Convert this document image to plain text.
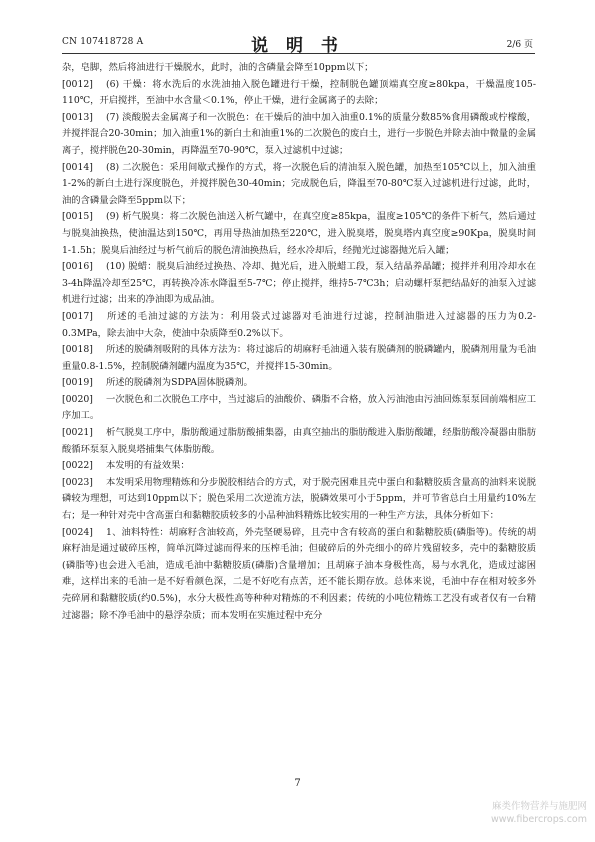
CN 107418728 A	说 明 书	2/6 页

杂，皂脚，然后将油进行干燥脱水，此时，油的含磷量会降至10ppm以下；

[0012] (6) 干燥：将水洗后的水洗油抽入脱色罐进行干燥，控制脱色罐顶端真空度≥80kpa，干燥温度105-110℃，开启搅拌，至油中水含量＜0.1%，停止干燥，进行金属离子的去除；

[0013] (7) 淡酸脱去金属离子和一次脱色：在干燥后的油中加入油重0.1%的质量分数85%食用磷酸或柠檬酸，并搅拌混合20-30min；加入油重1%的新白土和油重1%的二次脱色的废白土，进行一步脱色并除去油中微量的金属离子，搅拌脱色20-30min，再降温至70-90℃，泵入过滤机中过滤；

[0014] (8) 二次脱色：采用间歇式操作的方式，将一次脱色后的清油泵入脱色罐，加热至105℃以上，加入油重1-2%的新白土进行深度脱色，并搅拌脱色30-40min；完成脱色后，降温至70-80℃泵入过滤机进行过滤，此时，油的含磷量会降至5ppm以下；

[0015] (9) 析气脱臭：将二次脱色油送入析气罐中，在真空度≥85kpa，温度≥105℃的条件下析气，然后通过与脱臭油换热，使油温达到150℃，再用导热油加热至220℃，进入脱臭塔，脱臭塔内真空度≥90Kpa，脱臭时间1-1.5h；脱臭后油经过与析气前后的脱色清油换热后，经水冷却后，经抛光过滤器抛光后入罐；

[0016] (10) 脱蜡：脱臭后油经过换热、冷却、抛光后，进入脱蜡工段，泵入结晶养晶罐；搅拌并利用冷却水在3-4h降温冷却至25℃，再转换冷冻水降温至5-7℃；停止搅拌，维持5-7℃3h；启动螺杆泵把结晶好的油泵入过滤机进行过滤；出来的净油即为成品油。

[0017] 所述的毛油过滤的方法为：利用袋式过滤器对毛油进行过滤，控制油脂进入过滤器的压力为0.2-0.3MPa，除去油中大杂，使油中杂质降至0.2%以下。

[0018] 所述的脱磷剂吸附的具体方法为：将过滤后的胡麻籽毛油通入装有脱磷剂的脱磷罐内，脱磷剂用量为毛油重量0.8-1.5%，控制脱磷剂罐内温度为35℃，并搅拌15-30min。

[0019] 所述的脱磷剂为SDPA固体脱磷剂。

[0020] 一次脱色和二次脱色工序中，当过滤后的油酸价、磷脂不合格，放入污油池由污油回炼泵泵回前端相应工序加工。

[0021] 析气脱臭工序中，脂肪酸通过脂肪酸捕集器，由真空抽出的脂肪酸进入脂肪酸罐，经脂肪酸冷凝器由脂肪酸循环泵泵入脱臭塔捕集气体脂肪酸。

[0022] 本发明的有益效果：

[0023] 本发明采用物理精炼和分步脱胶相结合的方式，对于脱壳困难且壳中蛋白和黏糖胶质含量高的油料来说脱磷较为理想，可达到10ppm以下；脱色采用二次逆流方法，脱磷效果可小于5ppm，并可节省总白土用量约10%左右；是一种针对壳中含高蛋白和黏糖胶质较多的小品种油料精炼比较实用的一种生产方法，具体分析如下：

[0024] 1、油料特性：胡麻籽含油较高，外壳坚硬易碎，且壳中含有较高的蛋白和黏糖胶质(磷脂等)。传统的胡麻籽油是通过破碎压榨，简单沉降过滤而得来的压榨毛油；但破碎后的外壳细小的碎片残留较多，壳中的黏糖胶质(磷脂等)也会进入毛油，造成毛油中黏糖胶质(磷脂)含量增加；且胡麻子油本身极性高，易与水乳化，造成过滤困难，这样出来的毛油一是不好看颜色深，二是不好吃有点苦，还不能长期存放。总体来说，毛油中存在相对较多外壳碎屑和黏糖胶质(约0.5%)，水分大极性高等种种对精炼的不利因素；传统的小吨位精炼工艺没有或者仅有一台精过滤器；除不净毛油中的悬浮杂质；而本发明在实施过程中充分

7
麻类作物营养与施肥网
www.fibercrops.com
